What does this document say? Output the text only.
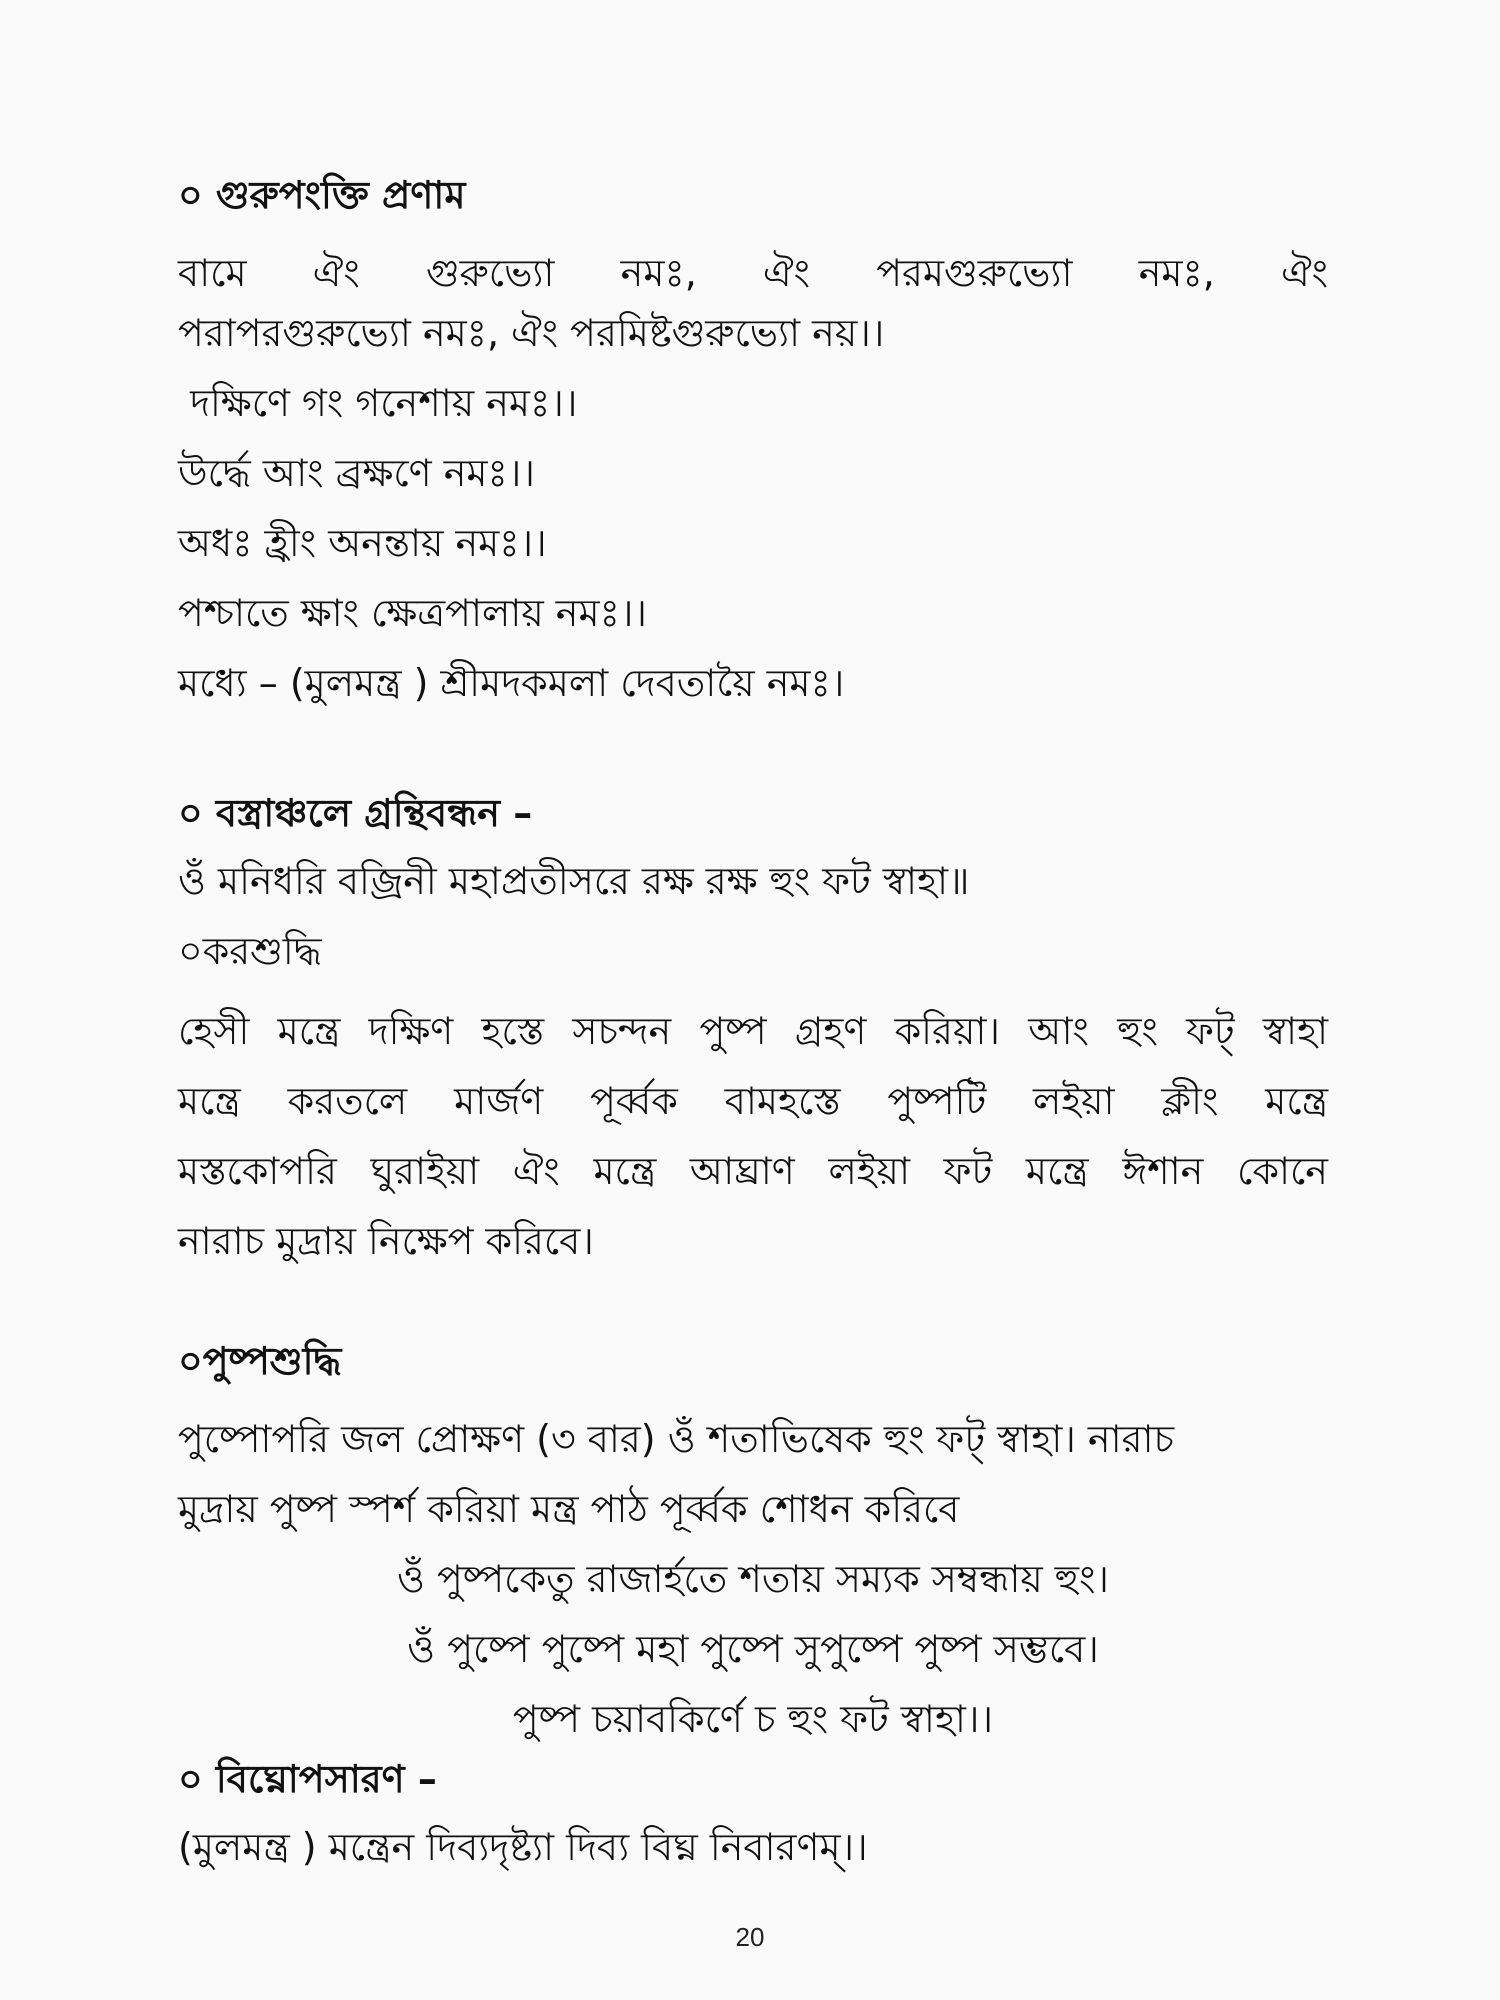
০ গুরুপংক্তি প্রণাম
বামে ঐং গুরুভ্যো নমঃ, ঐং পরমগুরুভ্যো নমঃ, ঐং
পরাপরগুরুভ্যো নমঃ, ঐং পরমিষ্টগুরুভ্যো নয়।।
দক্ষিণে গং গনেশায় নমঃ।।
উর্দ্ধে আং ব্রক্ষণে নমঃ।।
অধঃ হ্রীং অনন্তায় নমঃ।।
পশ্চাতে ক্ষাং ক্ষেত্রপালায় নমঃ।।
মধ্যে – (মুলমন্ত্র ) শ্রীমদকমলা দেবতায়ৈ নমঃ।
০ বস্ত্রাঞ্চলে গ্রন্থিবন্ধন –
ওঁ মনিধরি বজ্রিনী মহাপ্রতীসরে রক্ষ রক্ষ হুং ফট স্বাহা॥
০করশুদ্ধি
হেসী মন্ত্রে দক্ষিণ হস্তে সচন্দন পুষ্প গ্রহণ করিয়া। আং হুং ফট্ স্বাহা
মন্ত্রে করতলে মার্জণ পূর্ব্বক বামহস্তে পুষ্পটি লইয়া ক্লীং মন্ত্রে
মস্তকোপরি ঘুরাইয়া ঐং মন্ত্রে আঘ্রাণ লইয়া ফট মন্ত্রে ঈশান কোনে
নারাচ মুদ্রায় নিক্ষেপ করিবে।
০পুষ্পশুদ্ধি
পুষ্পোপরি জল প্রোক্ষণ (৩ বার) ওঁ শতাভিষেক হুং ফট্ স্বাহা। নারাচ
মুদ্রায় পুষ্প স্পর্শ করিয়া মন্ত্র পাঠ পূর্ব্বক শোধন করিবে
ওঁ পুষ্পকেতু রাজার্হতে শতায় সম্যক সম্বন্ধায় হুং।
ওঁ পুষ্পে পুষ্পে মহা পুষ্পে সুপুষ্পে পুষ্প সম্ভবে।
পুষ্প চয়াবকির্ণে চ হুং ফট স্বাহা।।
০ বিঘ্নোপসারণ –
(মুলমন্ত্র ) মন্ত্রেন দিব্যদৃষ্ট্যা দিব্য বিঘ্ন নিবারণম্।।
20
